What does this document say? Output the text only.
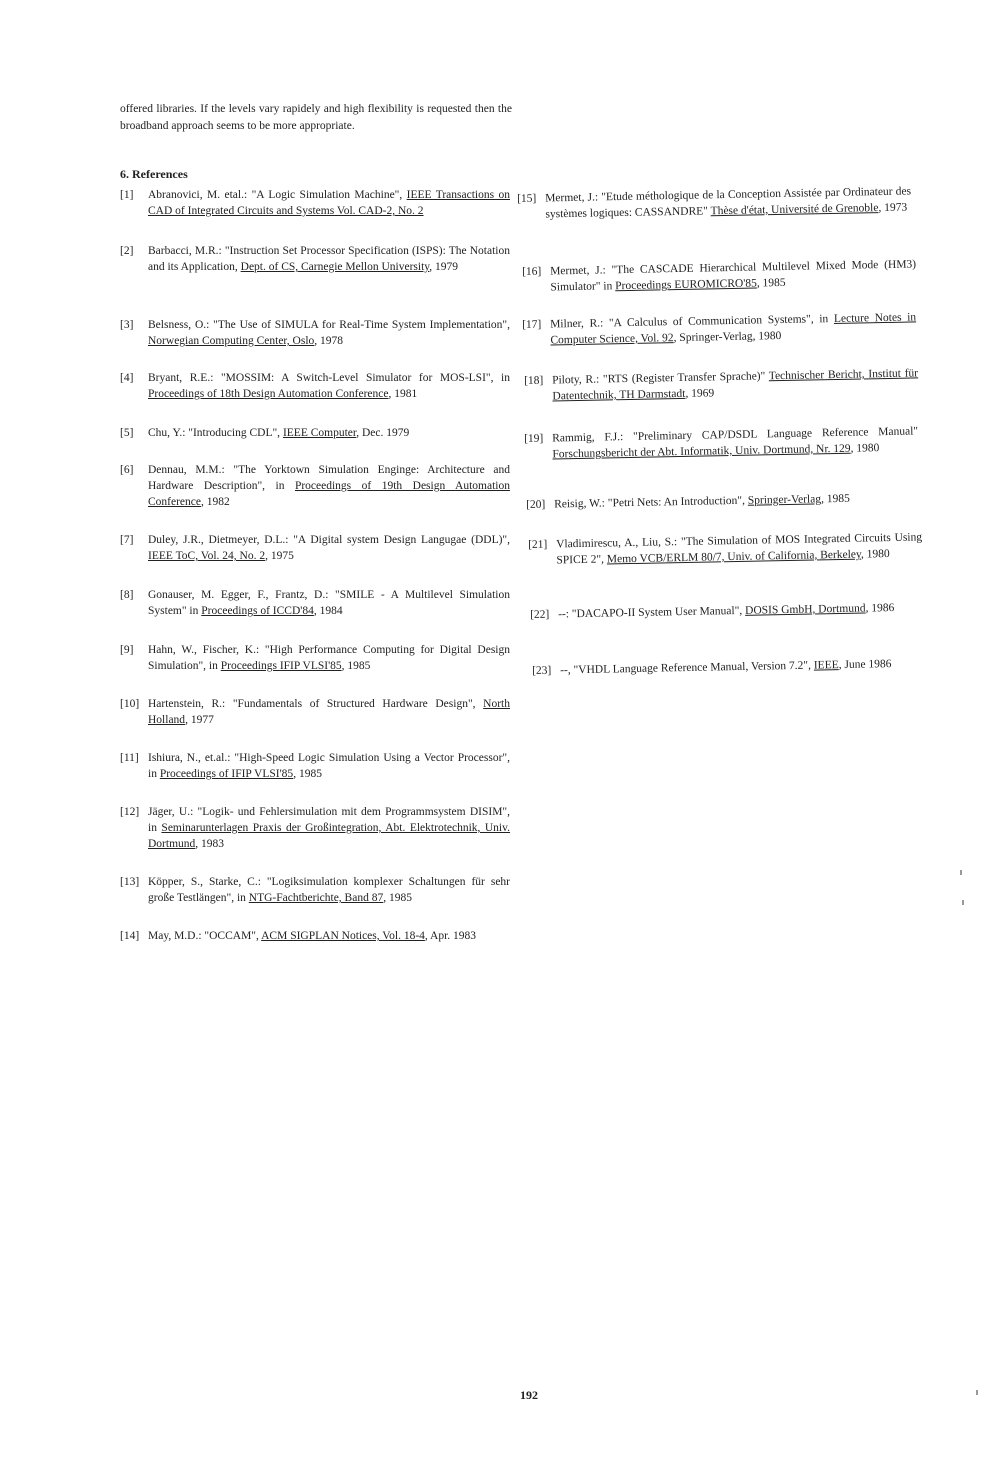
offered libraries. If the levels vary rapidely and high flexibility is requested then the broadband approach seems to be more appropriate.
6. References
[1]	Abranovici, M. etal.: "A Logic Simulation Machine", IEEE Transactions on CAD of Integrated Circuits and Systems Vol. CAD-2, No. 2
[2]	Barbacci, M.R.: "Instruction Set Processor Specification (ISPS): The Notation and its Application, Dept. of CS, Carnegie Mellon University, 1979
[3]	Belsness, O.: "The Use of SIMULA for Real-Time System Implementation", Norwegian Computing Center, Oslo, 1978
[4]	Bryant, R.E.: "MOSSIM: A Switch-Level Simulator for MOS-LSI", in Proceedings of 18th Design Automation Conference, 1981
[5]	Chu, Y.: "Introducing CDL", IEEE Computer, Dec. 1979
[6]	Dennau, M.M.: "The Yorktown Simulation Enginge: Architecture and Hardware Description", in Proceedings of 19th Design Automation Conference, 1982
[7]	Duley, J.R., Dietmeyer, D.L.: "A Digital system Design Langugae (DDL)", IEEE ToC, Vol. 24, No. 2, 1975
[8]	Gonauser, M. Egger, F., Frantz, D.: "SMILE - A Multilevel Simulation System" in Proceedings of ICCD'84, 1984
[9]	Hahn, W., Fischer, K.: "High Performance Computing for Digital Design Simulation", in Proceedings IFIP VLSI'85, 1985
[10] Hartenstein, R.: "Fundamentals of Structured Hardware Design", North Holland, 1977
[11] Ishiura, N., et.al.: "High-Speed Logic Simulation Using a Vector Processor", in Proceedings of IFIP VLSI'85, 1985
[12] Jäger, U.: "Logik- und Fehlersimulation mit dem Programmsystem DISIM", in Seminarunterlagen Praxis der Großintegration, Abt. Elektrotechnik, Univ. Dortmund, 1983
[13] Köpper, S., Starke, C.: "Logiksimulation komplexer Schaltungen für sehr große Testlängen", in NTG-Fachtberichte, Band 87, 1985
[14] May, M.D.: "OCCAM", ACM SIGPLAN Notices, Vol. 18-4, Apr. 1983
[15] Mermet, J.: "Etude méthologique de la Conception Assistée par Ordinateur des systèmes logiques: CASSANDRE" Thèse d'état, Université de Grenoble, 1973
[16] Mermet, J.: "The CASCADE Hierarchical Multilevel Mixed Mode (HM3) Simulator" in Proceedings EUROMICRO'85, 1985
[17] Milner, R.: "A Calculus of Communication Systems", in Lecture Notes in Computer Science, Vol. 92, Springer-Verlag, 1980
[18] Piloty, R.: "RTS (Register Transfer Sprache)" Technischer Bericht, Institut für Datentechnik, TH Darmstadt, 1969
[19] Rammig, F.J.: "Preliminary CAP/DSDL Language Reference Manual" Forschungsbericht der Abt. Informatik, Univ. Dortmund, Nr. 129, 1980
[20] Reisig, W.: "Petri Nets: An Introduction", Springer-Verlag, 1985
[21] Vladimirescu, A., Liu, S.: "The Simulation of MOS Integrated Circuits Using SPICE 2", Memo VCB/ERLM 80/7, Univ. of California, Berkeley, 1980
[22] --: "DACAPO-II System User Manual", DOSIS GmbH, Dortmund, 1986
[23] --, "VHDL Language Reference Manual, Version 7.2", IEEE, June 1986
192
